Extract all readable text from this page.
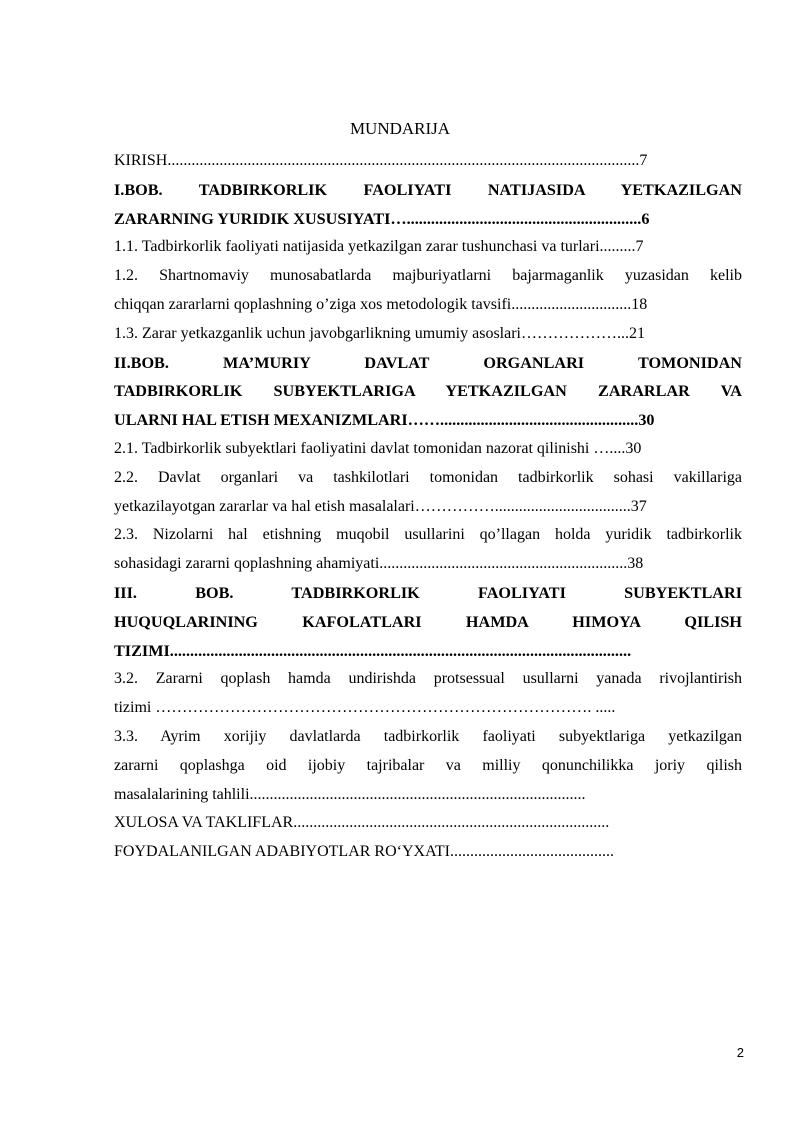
MUNDARIJA
KIRISH......................................................................................................................7
I.BOB. TADBIRKORLIK FAOLIYATI NATIJASIDA YETKAZILGAN
ZARARNING YURIDIK XUSUSIYATI…..........................................................6
1.1. Tadbirkorlik faoliyati natijasida yetkazilgan zarar tushunchasi va turlari.........7
1.2. Shartnomaviy munosabatlarda majburiyatlarni bajarmaganlik yuzasidan kelib
chiqqan zararlarni qoplashning o’ziga xos metodologik tavsifi..............................18
1.3. Zarar yetkazganlik uchun javobgarlikning umumiy asoslari………………...21
II.BOB. MA’MURIY DAVLAT ORGANLARI TOMONIDAN
TADBIRKORLIK SUBYEKTLARIGA YETKAZILGAN ZARARLAR VA
ULARNI HAL ETISH MEXANIZMLARI…….................................................30
2.1. Tadbirkorlik subyektlari faoliyatini davlat tomonidan nazorat qilinishi …....30
2.2. Davlat organlari va tashkilotlari tomonidan tadbirkorlik sohasi vakillariga
yetkazilayotgan zararlar va hal etish masalalari……………..................................37
2.3. Nizolarni hal etishning muqobil usullarini qo’llagan holda yuridik tadbirkorlik
sohasidagi zararni qoplashning ahamiyati..............................................................38
III. BOB. TADBIRKORLIK FAOLIYATI SUBYEKTLARI
HUQUQLARINING KAFOLATLARI HAMDA HIMOYA QILISH
TIZIMI..................................................................................................................
3.2. Zararni qoplash hamda undirishda protsessual usullarni yanada rivojlantirish
tizimi ………………………………………………………………………. .....
3.3. Ayrim xorijiy davlatlarda tadbirkorlik faoliyati subyektlariga yetkazilgan
zararni qoplashga oid ijobiy tajribalar va milliy qonunchilikka joriy qilish
masalalarining tahlili....................................................................................
XULOSA VA TAKLIFLAR...............................................................................
FOYDALANILGAN ADABIYOTLAR RO‘YXATI.........................................
2
